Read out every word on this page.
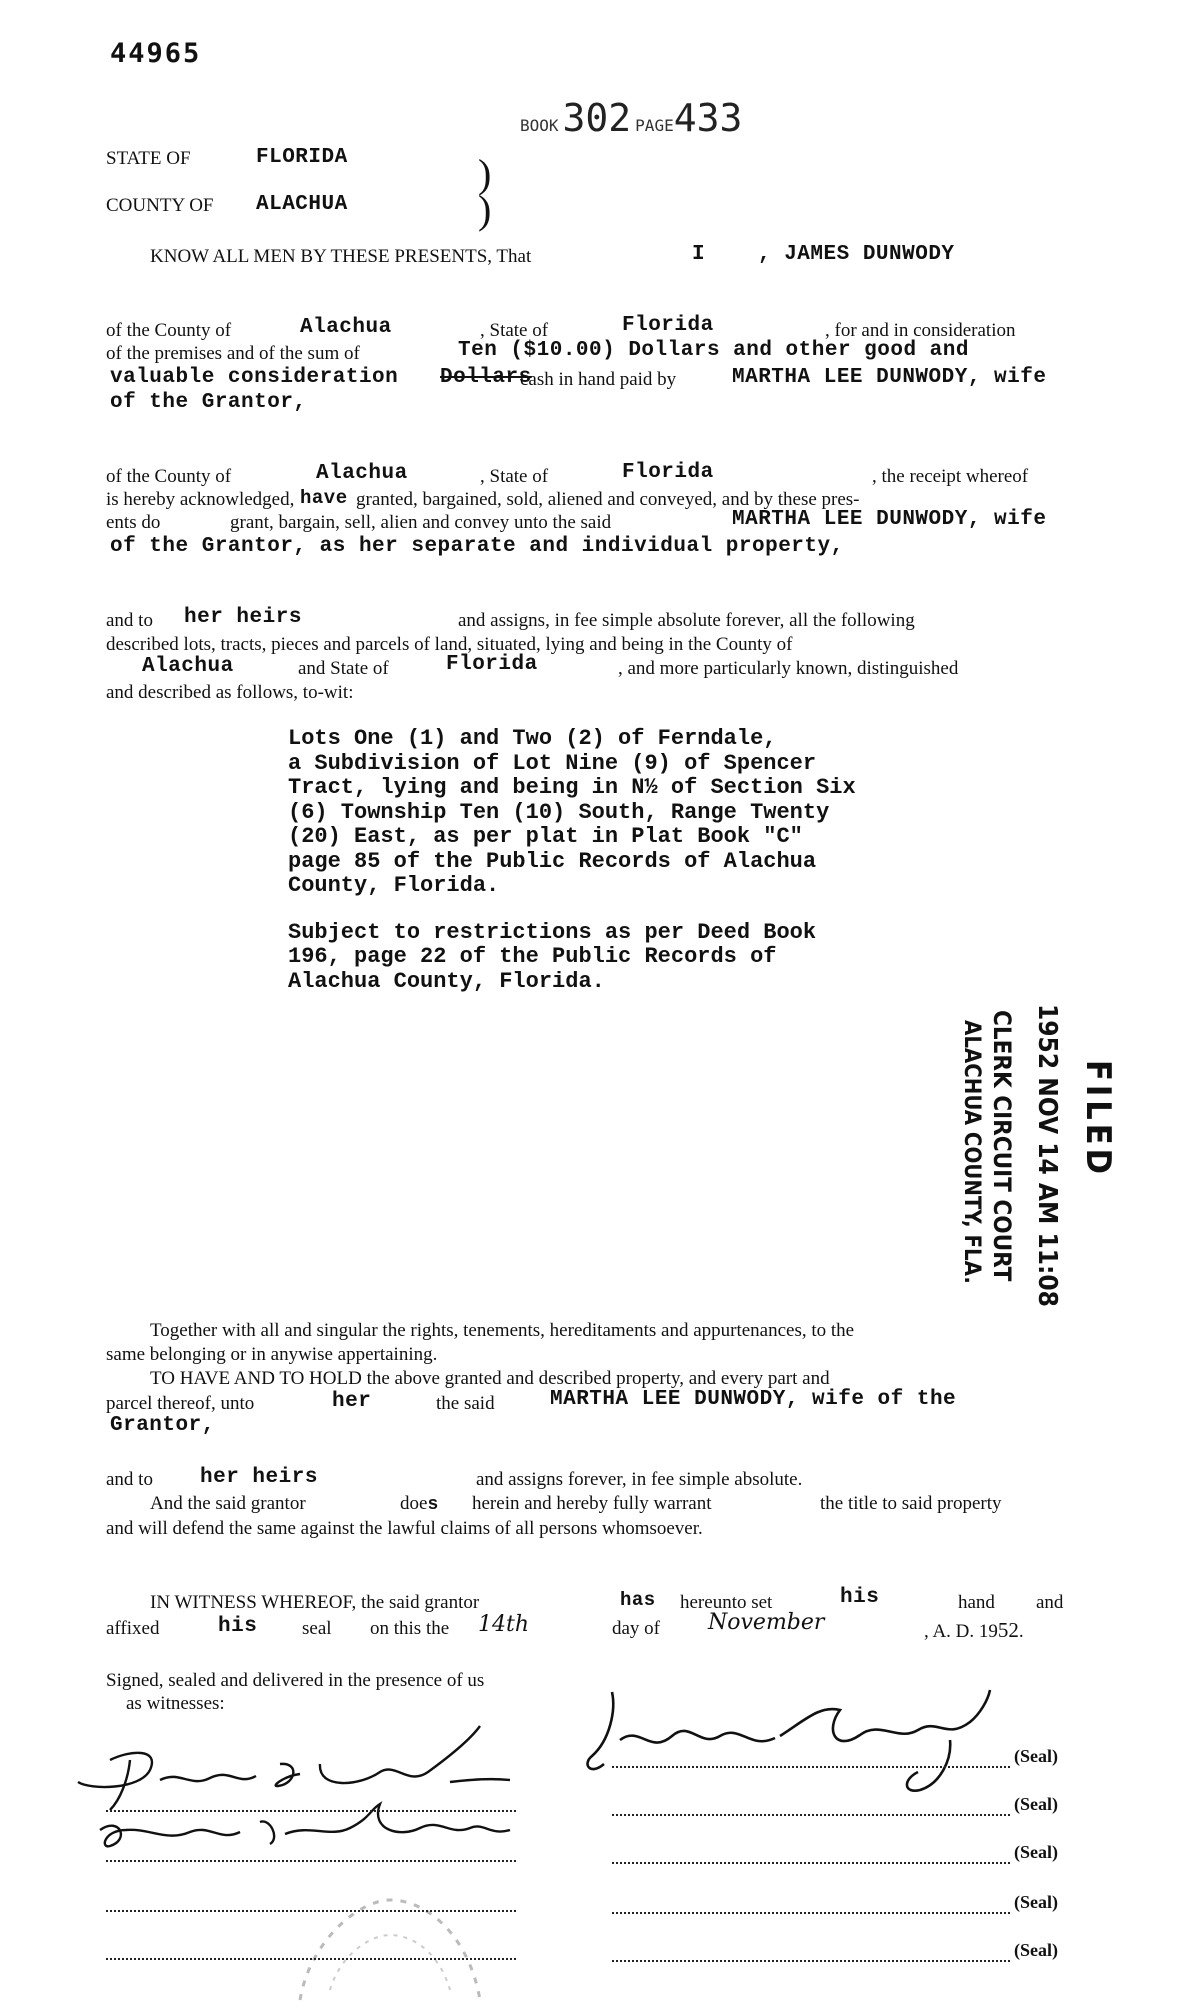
44965
BOOK 302 PAGE433
STATE OF	FLORIDA
COUNTY OF ALACHUA
)
)
KNOW ALL MEN BY THESE PRESENTS, That	I	, JAMES DUNWODY
of the County of	Alachua	, State of	Florida	, for and in consideration
of the premises and of the sum of	Ten ($10.00) Dollars and other good and
valuable consideration Dollars
cash in hand paid by	MARTHA LEE DUNWODY, wife
of the Grantor,
of the County of	Alachua	, State of	Florida	, the receipt whereof
is hereby acknowledged, have granted, bargained, sold, aliened and conveyed, and by these pres-
ents do	grant, bargain, sell, alien and convey unto the said	MARTHA LEE DUNWODY, wife
of the Grantor, as her separate and individual property,
and to her heirs	and assigns, in fee simple absolute forever, all the following
described lots, tracts, pieces and parcels of land, situated, lying and being in the County of
Alachua	and State of	Florida	, and more particularly known, distinguished
and described as follows, to-wit:
Lots One (1) and Two (2) of Ferndale,
a Subdivision of Lot Nine (9) of Spencer
Tract, lying and being in N½ of Section Six
(6) Township Ten (10) South, Range Twenty
(20) East, as per plat in Plat Book "C"
page 85 of the Public Records of Alachua
County, Florida.
Subject to restrictions as per Deed Book
196, page 22 of the Public Records of
Alachua County, Florida.
FILED
1952 NOV 14 AM 11:08
CLERK CIRCUIT COURT
ALACHUA COUNTY, FLA.
Together with all and singular the rights, tenements, hereditaments and appurtenances, to the
same belonging or in anywise appertaining.
TO HAVE AND TO HOLD the above granted and described property, and every part and
parcel thereof, unto	her	the said	MARTHA LEE DUNWODY, wife of the
Grantor,
and to her heirs	and assigns forever, in fee simple absolute.
And the said grantor	does herein and hereby fully warrant	the title to said property
and will defend the same against the lawful claims of all persons whomsoever.
IN WITNESS WHEREOF, the said grantor	has hereunto set	his	hand and
affixed	his seal on this the 14th	day of November	, A. D. 1952.
Signed, sealed and delivered in the presence of us
as witnesses:
(Seal)
(Seal)
(Seal)
(Seal)
(Seal)
